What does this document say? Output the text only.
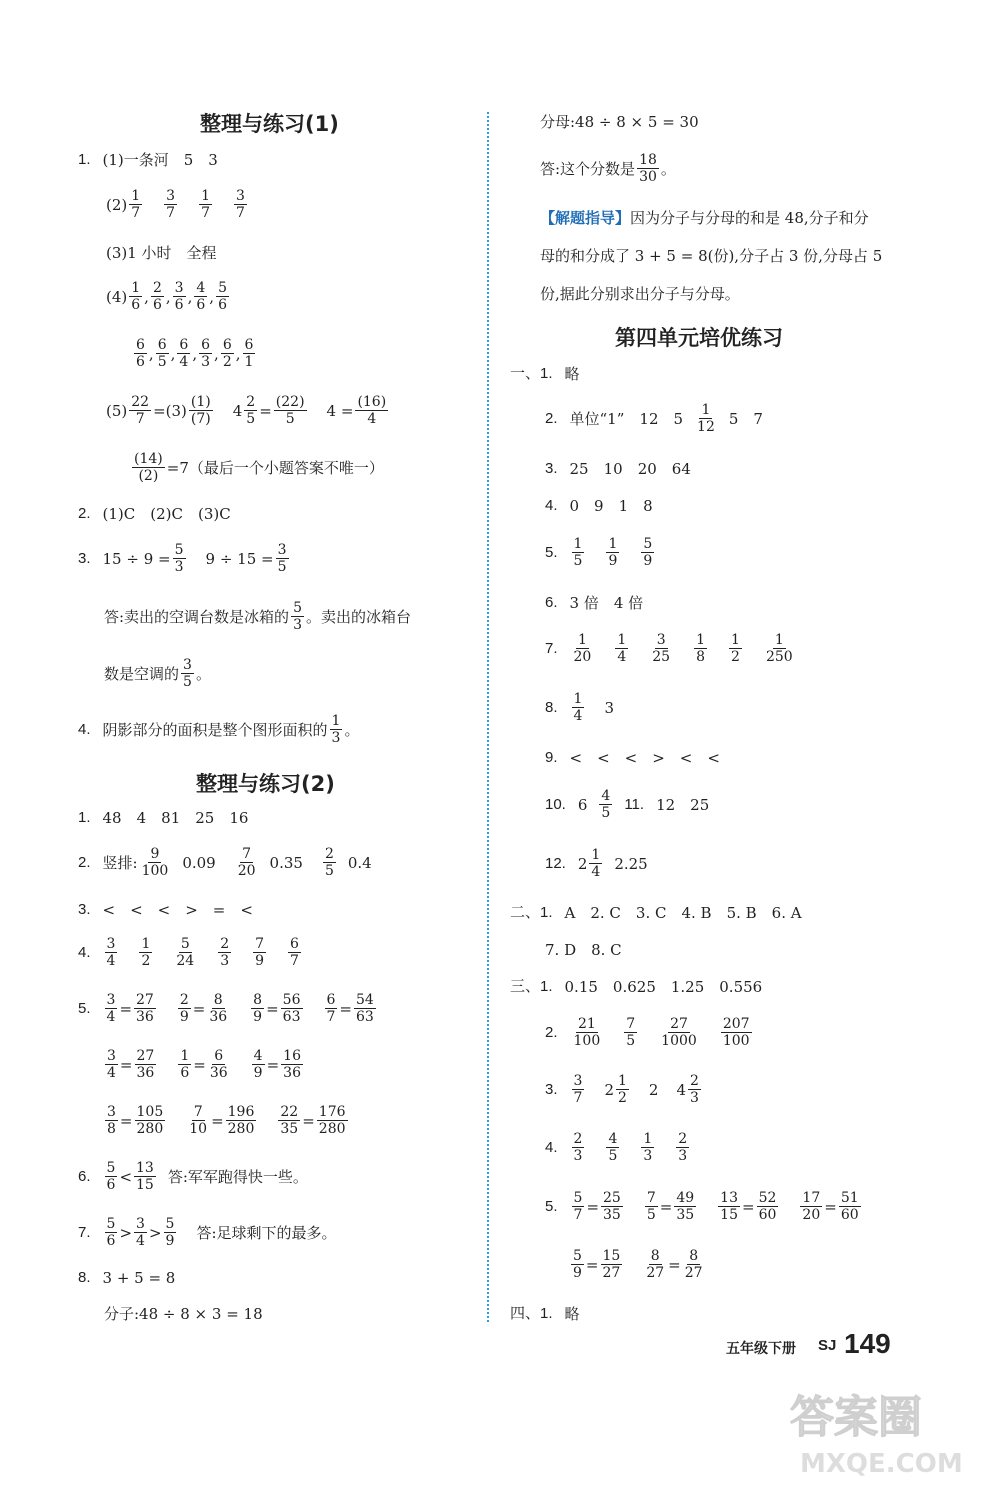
整理与练习(1)
1. (1)一条河　5　3
(2) 1
7
3
7
1
7
3
7
(3)1 小时　全程
(4) 1
6 , 2
6 , 3
6 , 4
6 , 5
6
6
6 , 6
5 , 6
4 , 6
3 , 6
2 , 6
1
(5) 22
7 =(3) (1)
(7) 4 2
5 = (22)
5 4 = (16)
4
$\frac{(14)}{(2)} =7$（最后一个小题答案不唯一）
2. (1)C　(2)C　(3)C
3. $15 \div 9 = \frac{5}{3} 9 \div 15 = \frac{3}{5}$
答:卖出的空调台数是冰箱的 5
3 。卖出的冰箱台
数是空调的 3
5 。
4. 阴影部分的面积是整个图形面积的 1
3 。
整理与练习(2)
1. 48　4　81　25　16
2. 竖排: 9
100 0.09 7
20 0.35 2
5 0.4
3. <　<　<　>　=　<
4. 3
4
1
2
5
24
2
3
7
9
6
7
5. 3
4 = 27
36
2
9 = 8
36
8
9 = 56
63
6
7 = 54
63
3
4 = 27
36
1
6 = 6
36
4
9 = 16
36
3
8 = 105
280
7
10 = 196
280
22
35 = 176
280
6. 5
6 < 13
15 答:军军跑得快一些。
7. 5
6 > 3
4 > 5
9 答:足球剩下的最多。
8. 3 + 5 = 8
分子:48 ÷ 8 × 3 = 18
分母:48 ÷ 8 × 5 = 30
答:这个分数是 18
30 。
【解题指导】 因为分子与分母的和是 48,分子和分
母的和分成了 3 + 5 = 8(份),分子占 3 份,分母占 5
份,据此分别求出分子与分母。
第四单元培优练习
一、1. 略
2. 单位“1”　12　5 1
12 5　7
3. 25　10　20　64
4. 0　9　1　8
5. 1
5
1
9
5
9
6. 3 倍　4 倍
7. 1
20
1
4
3
25
1
8
1
2
1
250
8. 1
4 3
9. <　<　<　>　<　<
10. 6 4
5
11. 12　25
12. 2 1
4 2.25
二、1. A　2. C　3. C　4. B　5. B　6. A
7. D　8. C
三、1. 0.15　0.625　1.25　0.556
2. 21
100
7
5
27
1000
207
100
3. 3
7 2 1
2 2 4 2
3
4. 2
3
4
5
1
3
2
3
5. 5
7 = 25
35
7
5 = 49
35
13
15 = 52
60
17
20 = 51
60
5
9 = 15
27
8
27 = 8
27
四、1. 略
五年级下册 SJ 149
答案圈
MXQE.COM
